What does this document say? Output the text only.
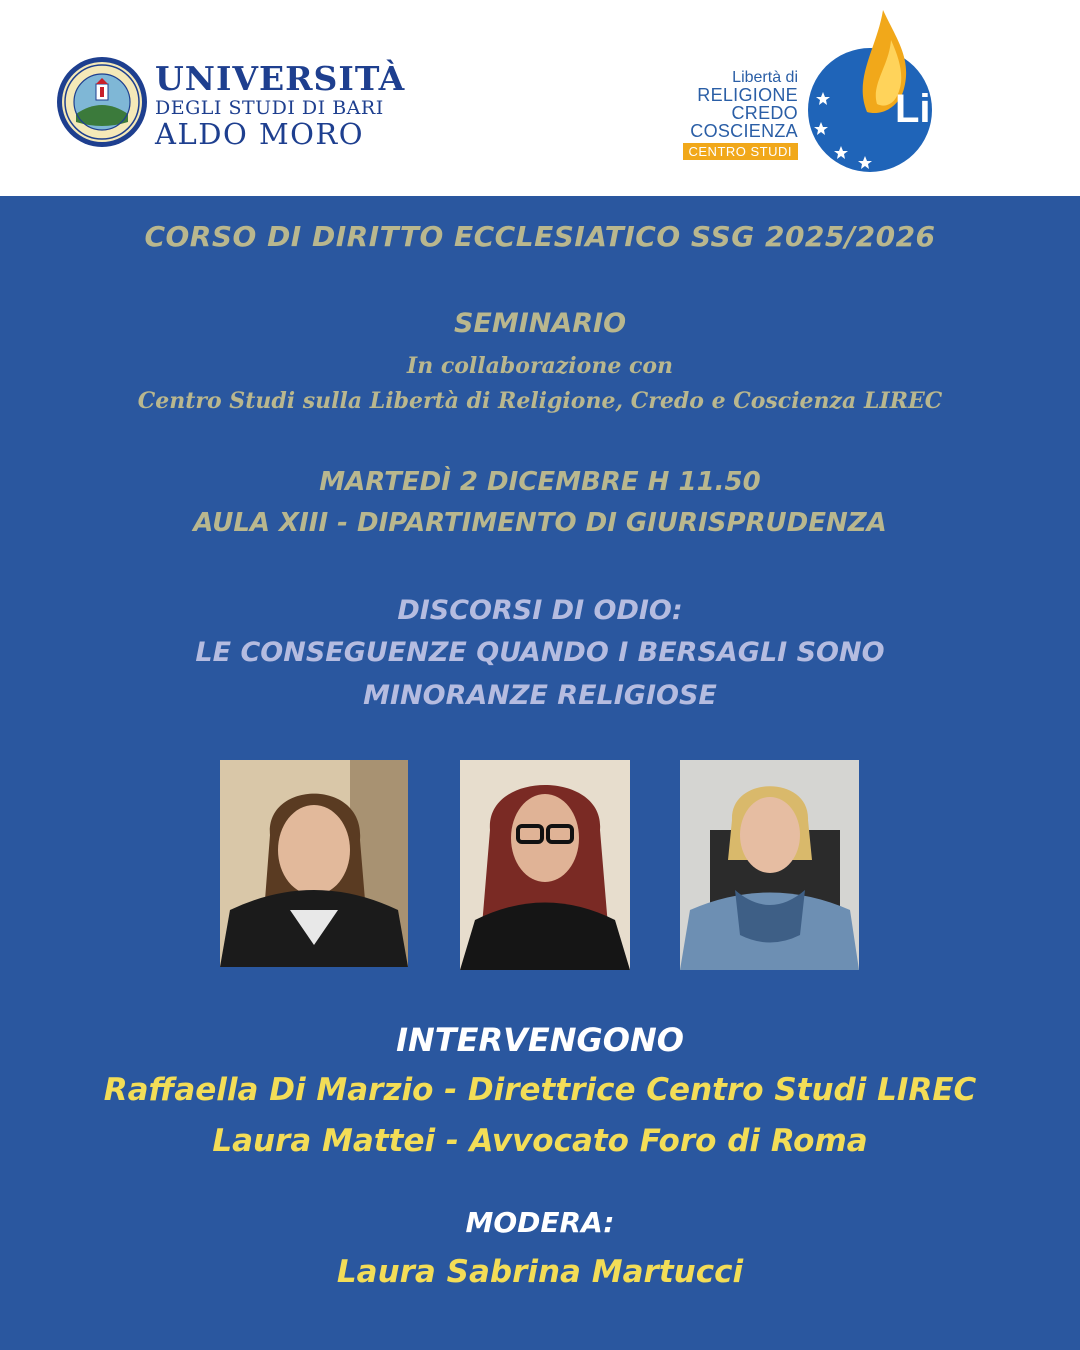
UNIVERSITÀ
DEGLI STUDI DI BARI
ALDO MORO
Libertà di
RELIGIONE
CREDO
COSCIENZA
CENTRO STUDI
Lirec
CORSO DI DIRITTO ECCLESIATICO SSG 2025/2026
SEMINARIO
In collaborazione con
Centro Studi sulla Libertà di Religione, Credo e Coscienza LIREC
MARTEDÌ 2 DICEMBRE H 11.50
AULA XIII - DIPARTIMENTO DI GIURISPRUDENZA
DISCORSI DI ODIO:
LE CONSEGUENZE QUANDO I BERSAGLI SONO
MINORANZE RELIGIOSE
INTERVENGONO
Raffaella Di Marzio - Direttrice Centro Studi LIREC
Laura Mattei - Avvocato Foro di Roma
MODERA:
Laura Sabrina Martucci
